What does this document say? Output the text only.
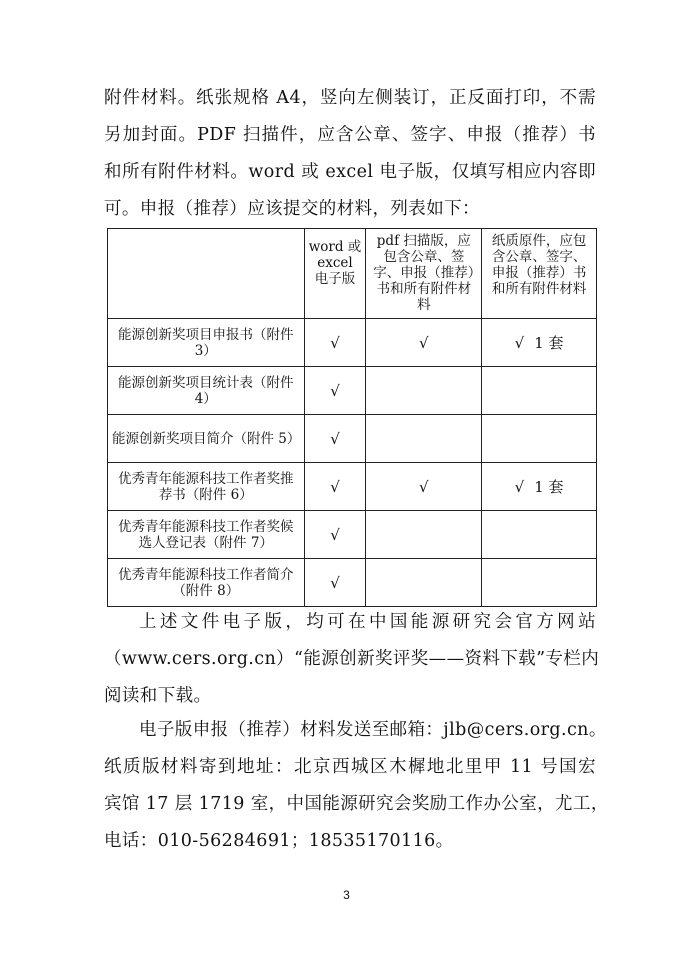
附件材料。纸张规格 A4，竖向左侧装订，正反面打印，不需
另加封面。PDF 扫描件，应含公章、签字、申报（推荐）书
和所有附件材料。word 或 excel 电子版，仅填写相应内容即
可。申报（推荐）应该提交的材料，列表如下：
	word 或 excel 电子版	pdf 扫描版，应包含公章、签字、申报（推荐）书和所有附件材料	纸质原件，应包含公章、签字、申报（推荐）书和所有附件材料
能源创新奖项目申报书（附件 3）	√	√	√ 1 套
能源创新奖项目统计表（附件 4）	√		
能源创新奖项目简介（附件 5）	√		
优秀青年能源科技工作者奖推荐书（附件 6）	√	√	√ 1 套
优秀青年能源科技工作者奖候选人登记表（附件 7）	√		
优秀青年能源科技工作者简介（附件 8）	√		
上述文件电子版，均可在中国能源研究会官方网站
（www.cers.org.cn）“能源创新奖评奖——资料下载”专栏内
阅读和下载。
电子版申报（推荐）材料发送至邮箱：jlb@cers.org.cn。
纸质版材料寄到地址：北京西城区木樨地北里甲 11 号国宏
宾馆 17 层 1719 室，中国能源研究会奖励工作办公室，尤工，
电话：010-56284691；18535170116。
3
